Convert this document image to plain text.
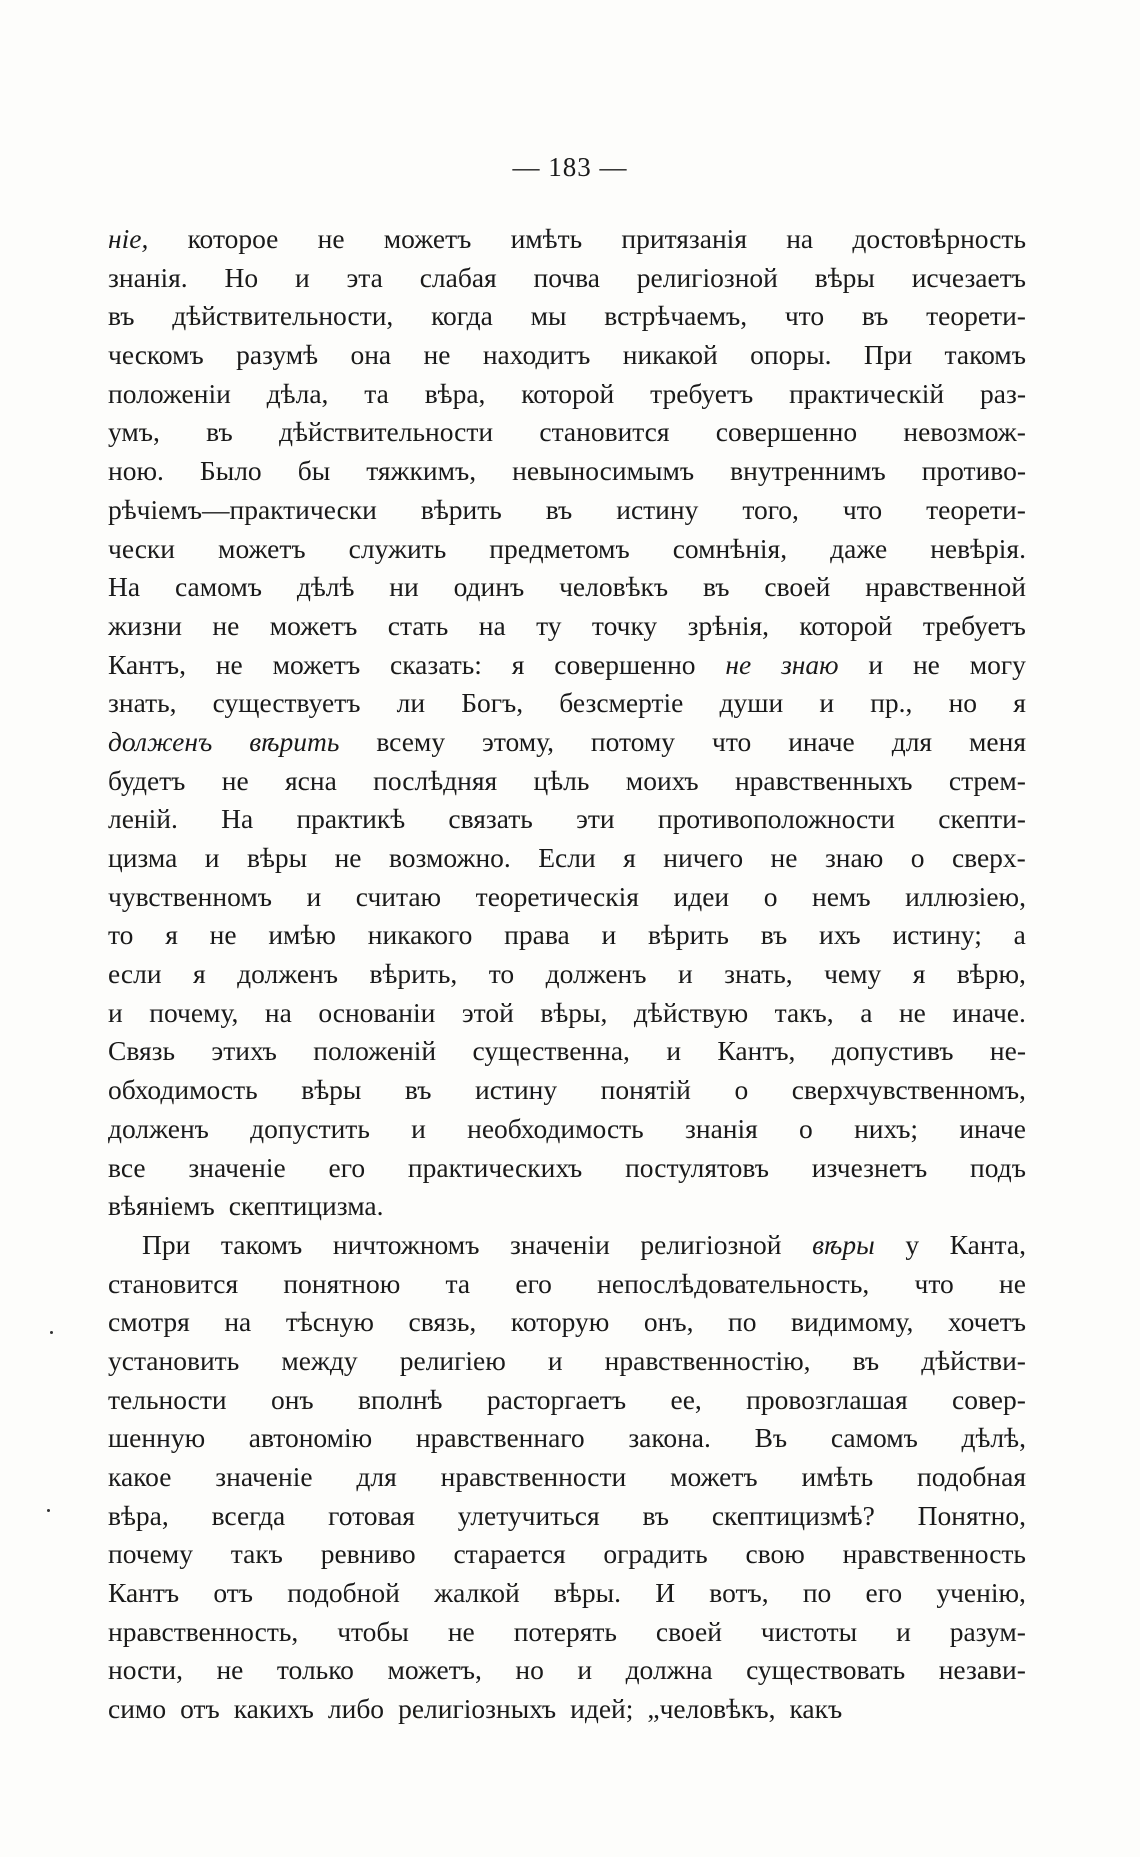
— 183 —
ніе, которое не можетъ имѣть притязанія на достовѣрность
знанія. Но и эта слабая почва религіозной вѣры исчезаетъ
въ дѣйствительности, когда мы встрѣчаемъ, что въ теорети-
ческомъ разумѣ она не находитъ никакой опоры. При такомъ
положеніи дѣла, та вѣра, которой требуетъ практическій раз-
умъ, въ дѣйствительности становится совершенно невозмож-
ною. Было бы тяжкимъ, невыносимымъ внутреннимъ противо-
рѣчіемъ—практически вѣрить въ истину того, что теорети-
чески можетъ служить предметомъ сомнѣнія, даже невѣрія.
На самомъ дѣлѣ ни одинъ человѣкъ въ своей нравственной
жизни не можетъ стать на ту точку зрѣнія, которой требуетъ
Кантъ, не можетъ сказать: я совершенно не знаю и не могу
знать, существуетъ ли Богъ, безсмертіе души и пр., но я
долженъ вѣрить всему этому, потому что иначе для меня
будетъ не ясна послѣдняя цѣль моихъ нравственныхъ стрем-
леній. На практикѣ связать эти противоположности скепти-
цизма и вѣры не возможно. Если я ничего не знаю о сверх-
чувственномъ и считаю теоретическія идеи о немъ иллюзіею,
то я не имѣю никакого права и вѣрить въ ихъ истину; а
если я долженъ вѣрить, то долженъ и знать, чему я вѣрю,
и почему, на основаніи этой вѣры, дѣйствую такъ, а не иначе.
Связь этихъ положеній существенна, и Кантъ, допустивъ не-
обходимость вѣры въ истину понятій о сверхчувственномъ,
долженъ допустить и необходимость знанія о нихъ; иначе
все значеніе его практическихъ постулятовъ изчезнетъ подъ
вѣяніемъ скептицизма.
При такомъ ничтожномъ значеніи религіозной вѣры у Канта,
становится понятною та его непослѣдовательность, что не
смотря на тѣсную связь, которую онъ, по видимому, хочетъ
установить между религіею и нравственностію, въ дѣйстви-
тельности онъ вполнѣ расторгаетъ ее, провозглашая совер-
шенную автономію нравственнаго закона. Въ самомъ дѣлѣ,
какое значеніе для нравственности можетъ имѣть подобная
вѣра, всегда готовая улетучиться въ скептицизмѣ? Понятно,
почему такъ ревниво старается оградить свою нравственность
Кантъ отъ подобной жалкой вѣры. И вотъ, по его ученію,
нравственность, чтобы не потерять своей чистоты и разум-
ности, не только можетъ, но и должна существовать незави-
симо отъ какихъ либо религіозныхъ идей; „человѣкъ, какъ
